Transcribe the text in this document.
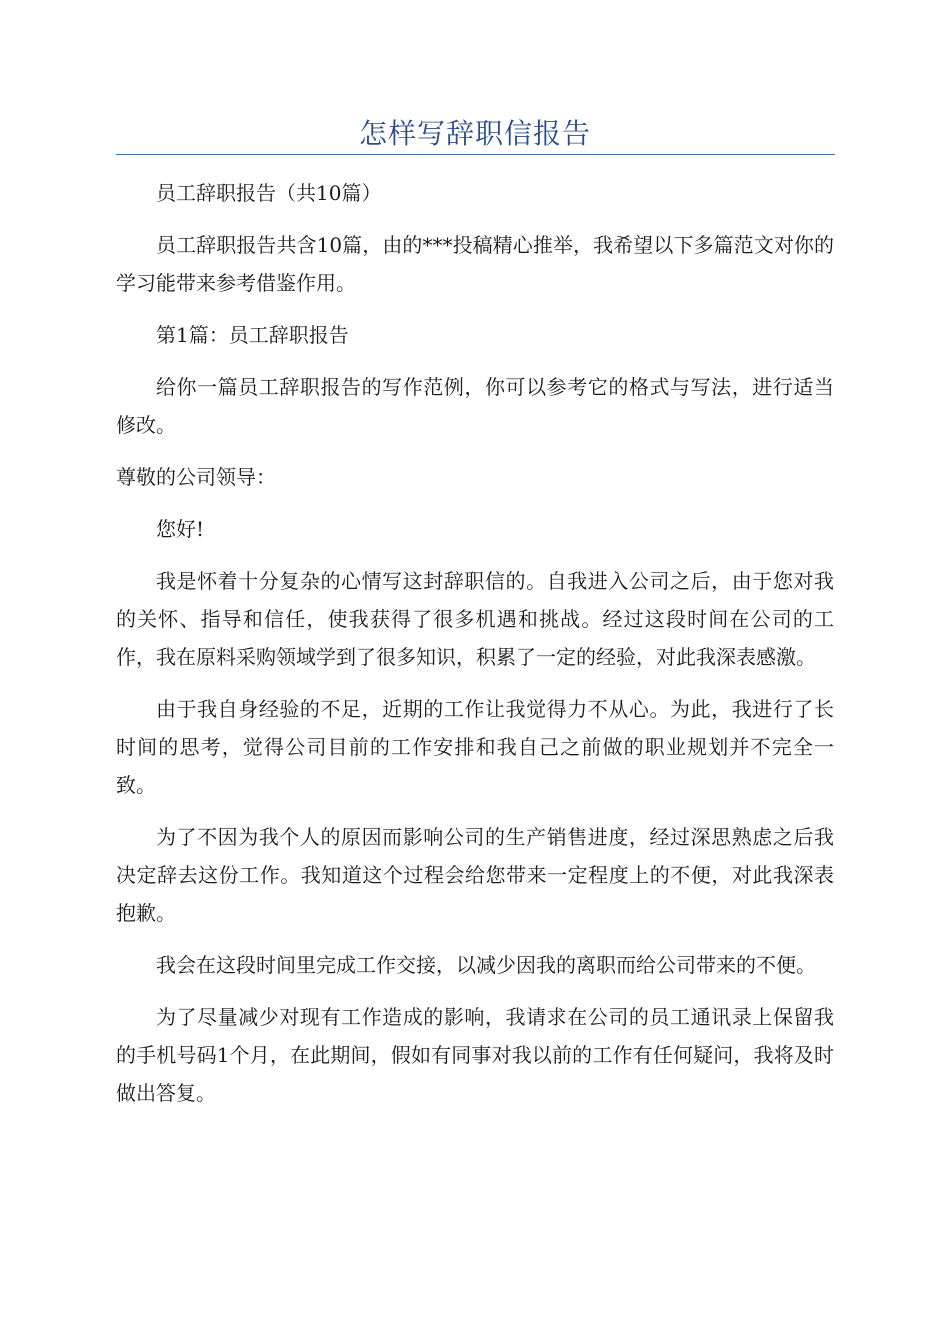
怎样写辞职信报告

员工辞职报告（共10篇）

员工辞职报告共含10篇，由的***投稿精心推举，我希望以下多篇范文对你的学习能带来参考借鉴作用。

第1篇：员工辞职报告

给你一篇员工辞职报告的写作范例，你可以参考它的格式与写法，进行适当修改。

尊敬的公司领导：

您好!

我是怀着十分复杂的心情写这封辞职信的。自我进入公司之后，由于您对我的关怀、指导和信任，使我获得了很多机遇和挑战。经过这段时间在公司的工作，我在原料采购领域学到了很多知识，积累了一定的经验，对此我深表感激。

由于我自身经验的不足，近期的工作让我觉得力不从心。为此，我进行了长时间的思考，觉得公司目前的工作安排和我自己之前做的职业规划并不完全一致。

为了不因为我个人的原因而影响公司的生产销售进度，经过深思熟虑之后我决定辞去这份工作。我知道这个过程会给您带来一定程度上的不便，对此我深表抱歉。

我会在这段时间里完成工作交接，以减少因我的离职而给公司带来的不便。

为了尽量减少对现有工作造成的影响，我请求在公司的员工通讯录上保留我的手机号码1个月，在此期间，假如有同事对我以前的工作有任何疑问，我将及时做出答复。
